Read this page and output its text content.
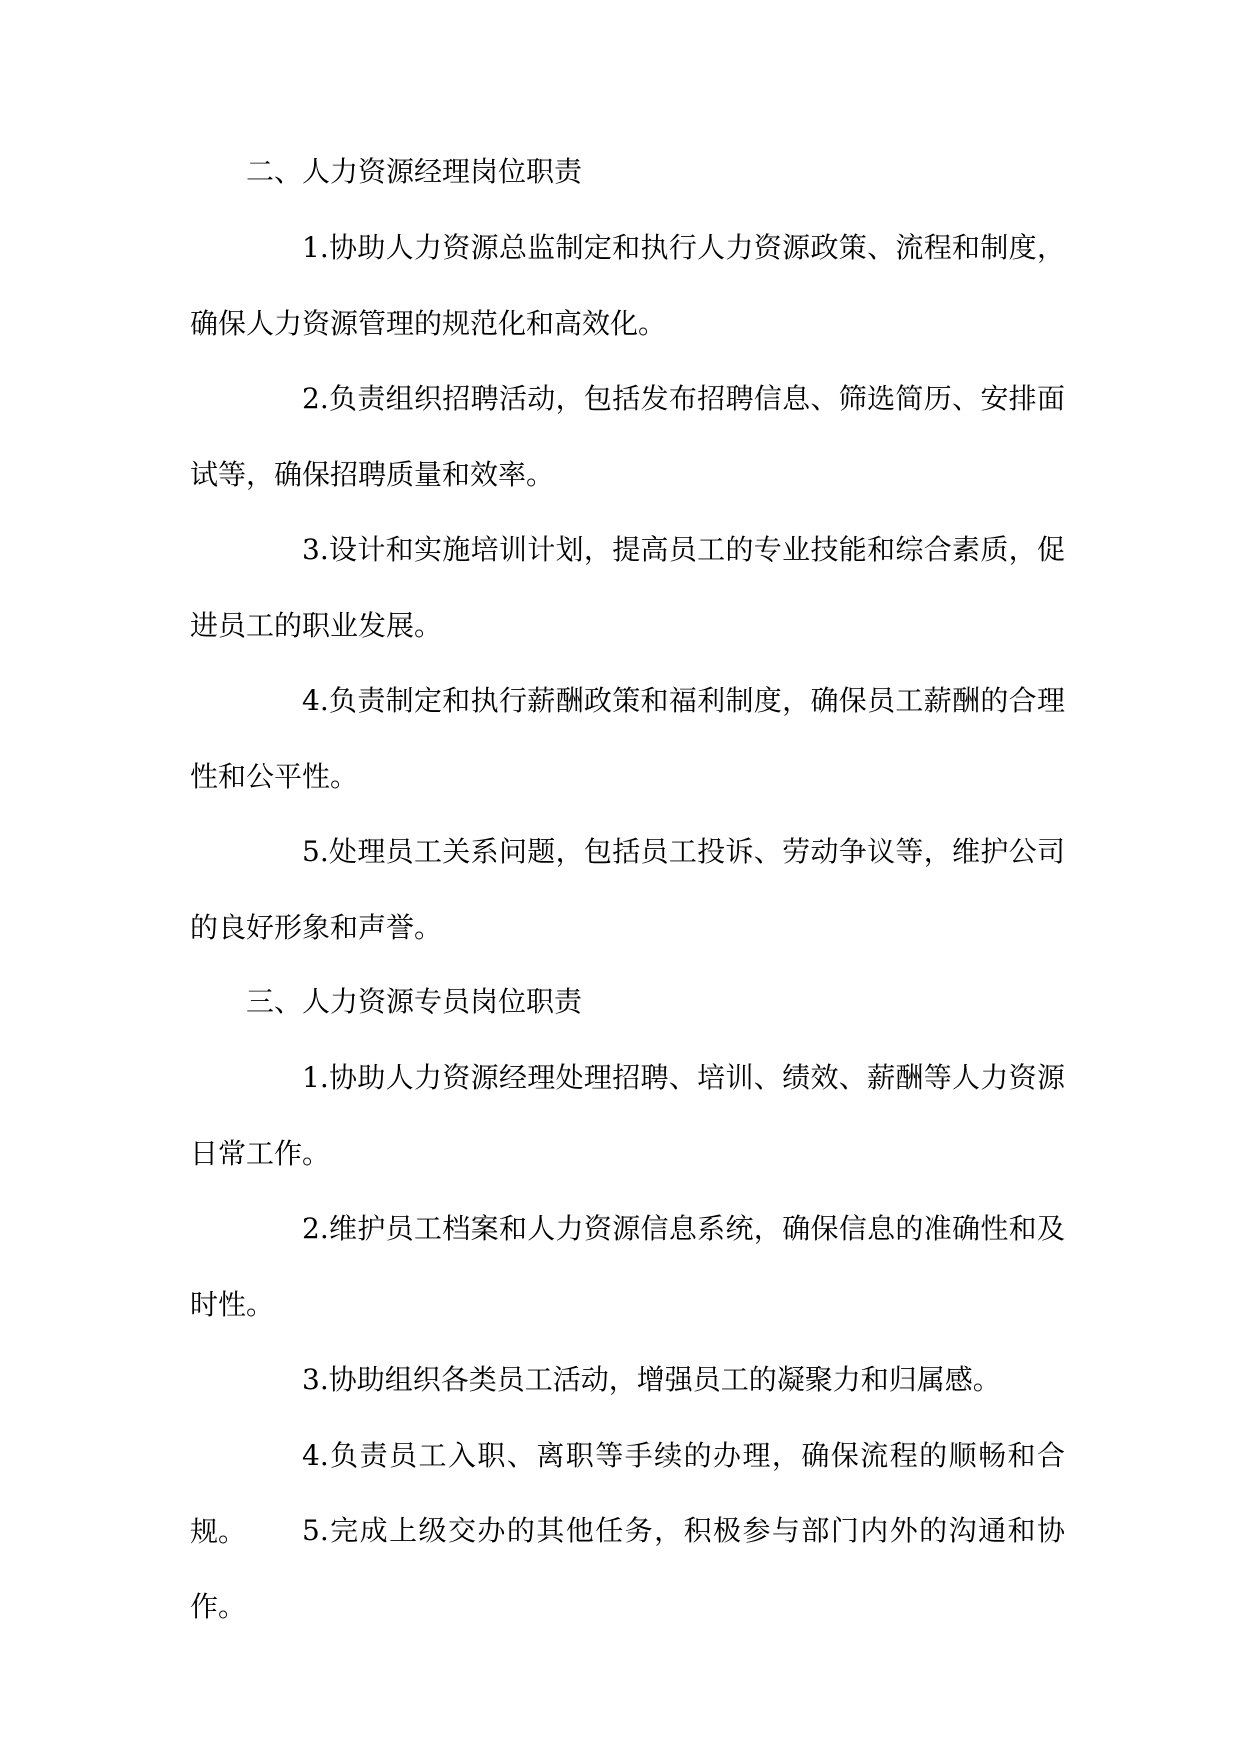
二、人力资源经理岗位职责

1.协助人力资源总监制定和执行人力资源政策、流程和制度，确保人力资源管理的规范化和高效化。

2.负责组织招聘活动，包括发布招聘信息、筛选简历、安排面试等，确保招聘质量和效率。

3.设计和实施培训计划，提高员工的专业技能和综合素质，促进员工的职业发展。

4.负责制定和执行薪酬政策和福利制度，确保员工薪酬的合理性和公平性。

5.处理员工关系问题，包括员工投诉、劳动争议等，维护公司的良好形象和声誉。

三、人力资源专员岗位职责

1.协助人力资源经理处理招聘、培训、绩效、薪酬等人力资源日常工作。

2.维护员工档案和人力资源信息系统，确保信息的准确性和及时性。

3.协助组织各类员工活动，增强员工的凝聚力和归属感。

4.负责员工入职、离职等手续的办理，确保流程的顺畅和合规。	5.完成上级交办的其他任务，积极参与部门内外的沟通和协作。
